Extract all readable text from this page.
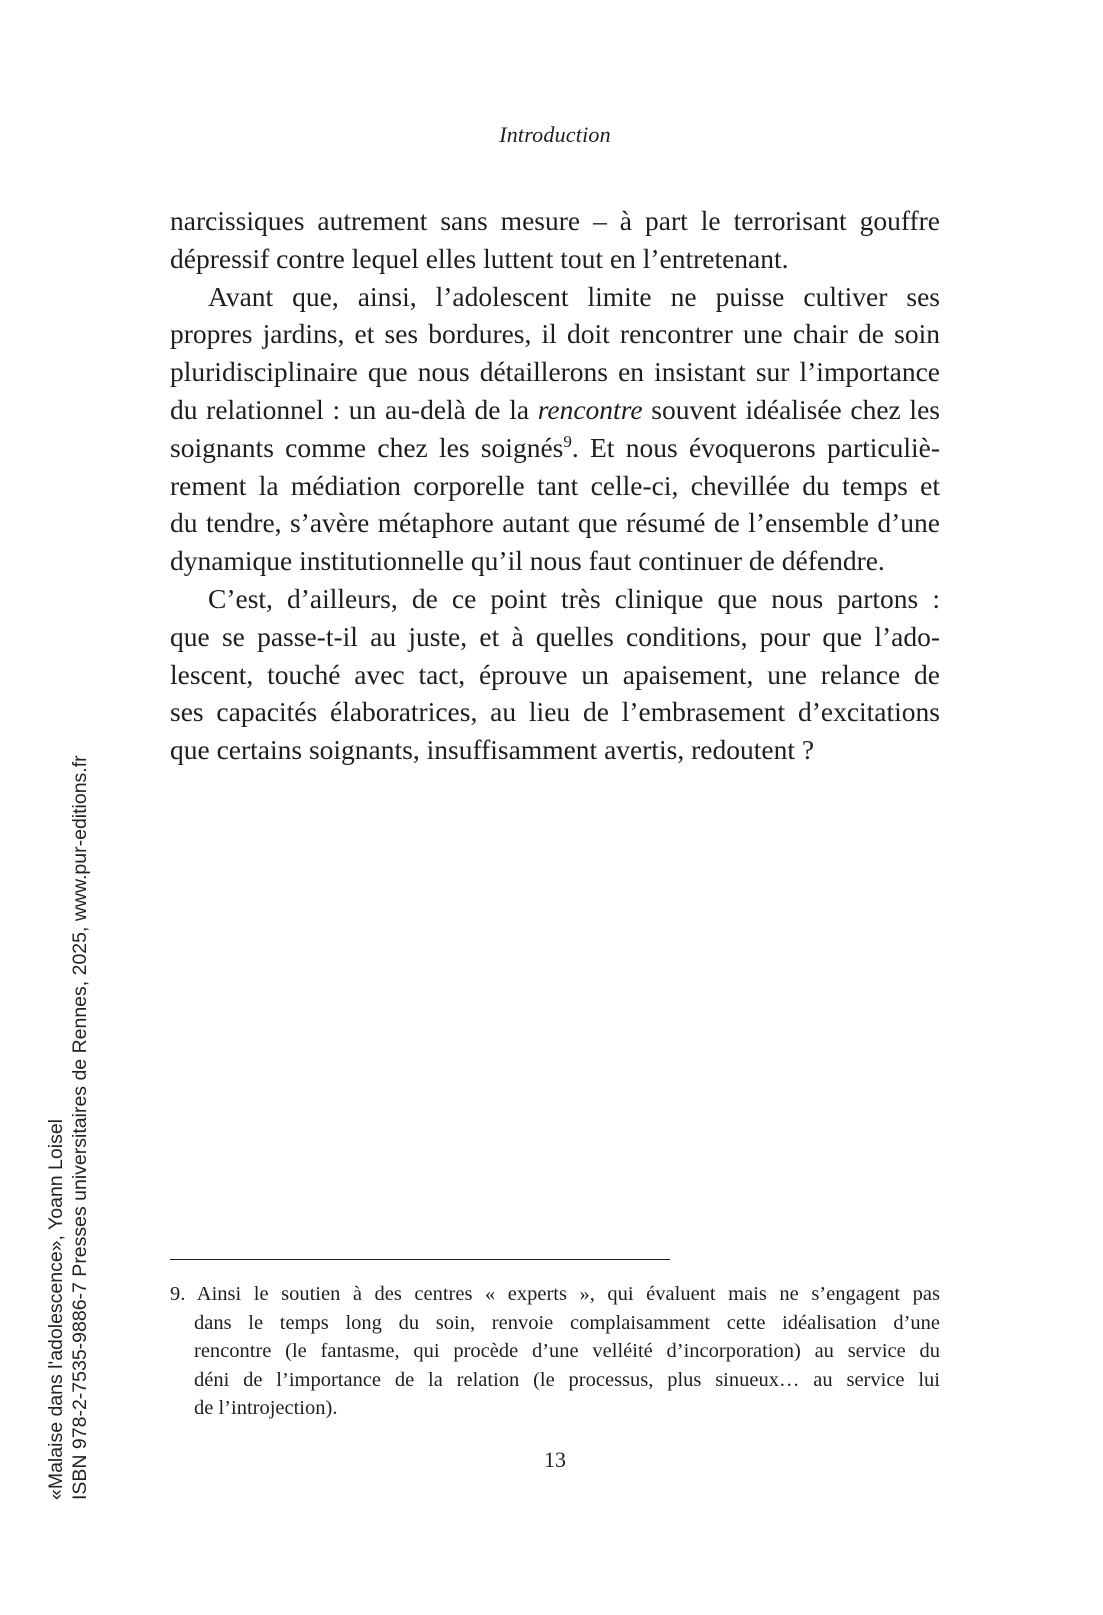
Introduction

narcissiques autrement sans mesure – à part le terrorisant gouffre
dépressif contre lequel elles luttent tout en l’entretenant.

Avant que, ainsi, l’adolescent limite ne puisse cultiver ses
propres jardins, et ses bordures, il doit rencontrer une chair de soin
pluridisciplinaire que nous détaillerons en insistant sur l’importance
du relationnel : un au-delà de la rencontre souvent idéalisée chez les
soignants comme chez les soignés$^9$. Et nous évoquerons particuliè-
rement la médiation corporelle tant celle-ci, chevillée du temps et
du tendre, s’avère métaphore autant que résumé de l’ensemble d’une
dynamique institutionnelle qu’il nous faut continuer de défendre.

C’est, d’ailleurs, de ce point très clinique que nous partons :
que se passe-t-il au juste, et à quelles conditions, pour que l’ado-
lescent, touché avec tact, éprouve un apaisement, une relance de
ses capacités élaboratrices, au lieu de l’embrasement d’excitations
que certains soignants, insuffisamment avertis, redoutent ?

9. Ainsi le soutien à des centres « experts », qui évaluent mais ne s’engagent pas
dans le temps long du soin, renvoie complaisamment cette idéalisation d’une
rencontre (le fantasme, qui procède d’une velléité d’incorporation) au service du
déni de l’importance de la relation (le processus, plus sinueux… au service lui
de l’introjection).
13
«Malaise dans l'adolescence», Yoann Loisel ISBN 978-2-7535-9886-7 Presses universitaires de Rennes, 2025, www.pur-editions.fr
